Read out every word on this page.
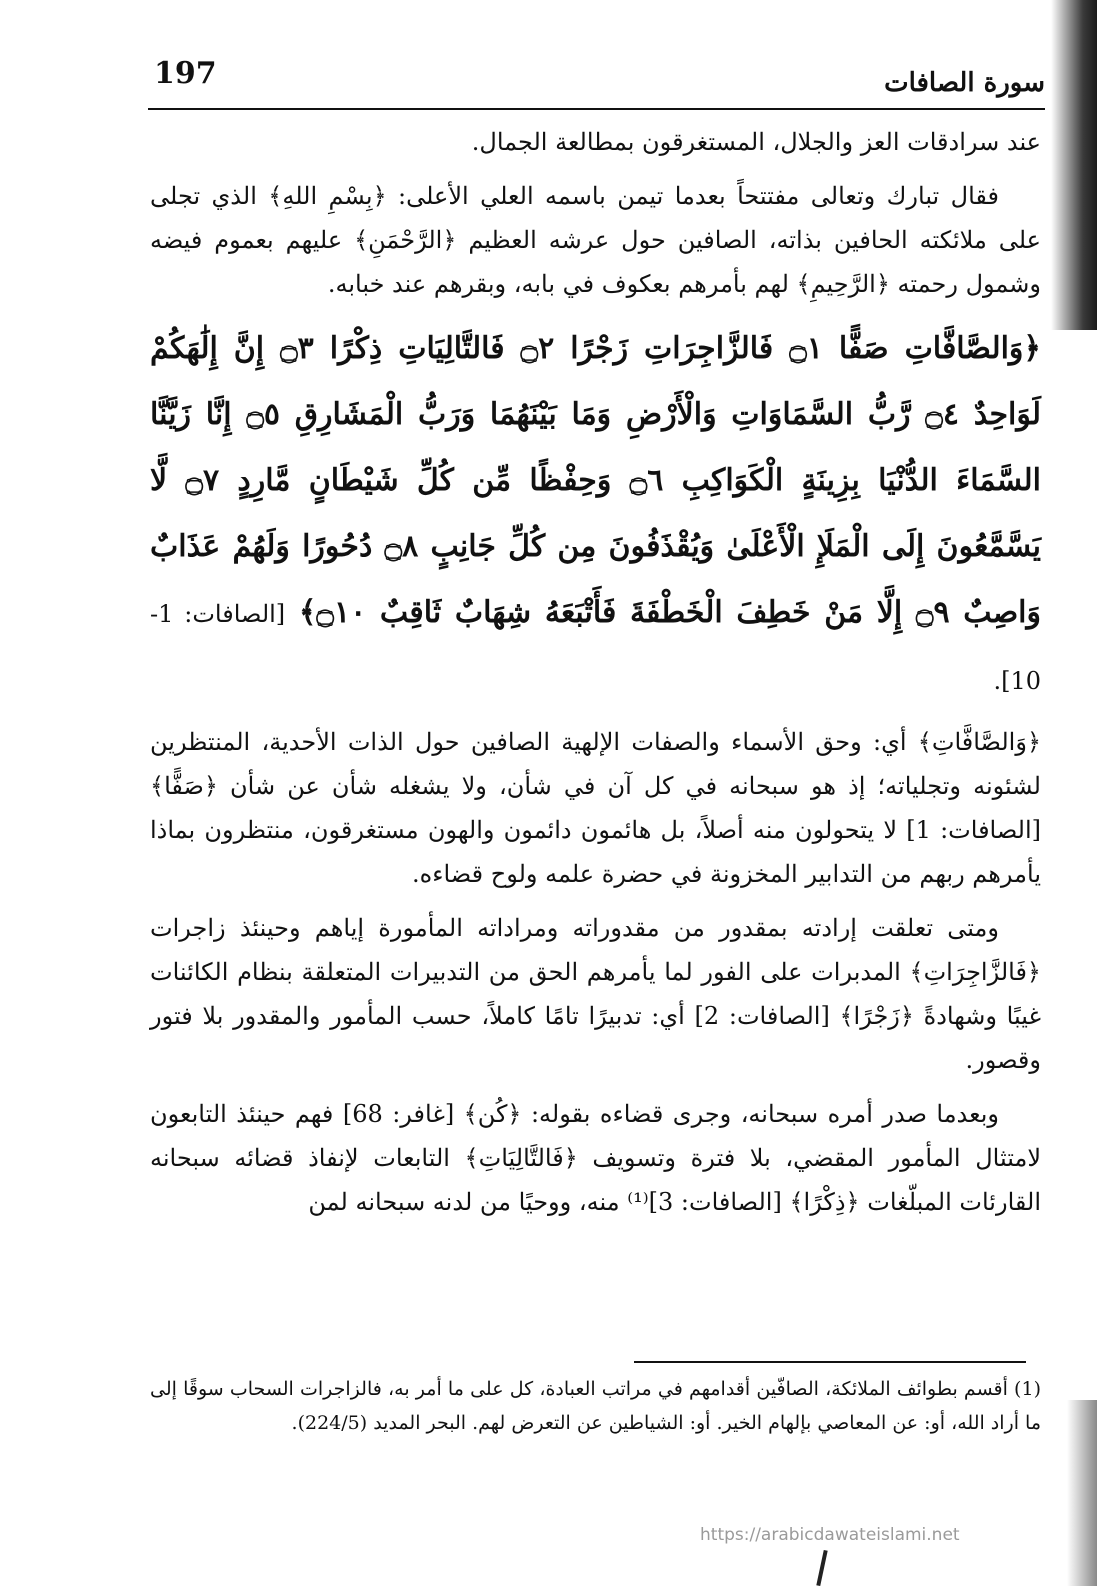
197	سورة الصافات

عند سرادقات العز والجلال، المستغرقون بمطالعة الجمال.

فقال تبارك وتعالى مفتتحاً بعدما تيمن باسمه العلي الأعلى: ﴿بِسْمِ اللهِ﴾ الذي تجلى على ملائكته الحافين بذاته، الصافين حول عرشه العظيم ﴿الرَّحْمَنِ﴾ عليهم بعموم فيضه وشمول رحمته ﴿الرَّحِيمِ﴾ لهم بأمرهم بعكوف في بابه، وبقرهم عند خبابه.

﴿وَالصَّافَّاتِ صَفًّا ۝١ فَالزَّاجِرَاتِ زَجْرًا ۝٢ فَالتَّالِيَاتِ ذِكْرًا ۝٣ إِنَّ إِلَٰهَكُمْ لَوَاحِدٌ ۝٤ رَّبُّ السَّمَاوَاتِ وَالْأَرْضِ وَمَا بَيْنَهُمَا وَرَبُّ الْمَشَارِقِ ۝٥ إِنَّا زَيَّنَّا السَّمَاءَ الدُّنْيَا بِزِينَةٍ الْكَوَاكِبِ ۝٦ وَحِفْظًا مِّن كُلِّ شَيْطَانٍ مَّارِدٍ ۝٧ لَّا يَسَّمَّعُونَ إِلَى الْمَلَإِ الْأَعْلَىٰ وَيُقْذَفُونَ مِن كُلِّ جَانِبٍ ۝٨ دُحُورًا وَلَهُمْ عَذَابٌ وَاصِبٌ ۝٩ إِلَّا مَنْ خَطِفَ الْخَطْفَةَ فَأَتْبَعَهُ شِهَابٌ ثَاقِبٌ ۝١٠﴾ [الصافات: 1-10].

﴿وَالصَّافَّاتِ﴾ أي: وحق الأسماء والصفات الإلهية الصافين حول الذات الأحدية، المنتظرين لشئونه وتجلياته؛ إذ هو سبحانه في كل آن في شأن، ولا يشغله شأن عن شأن ﴿صَفًّا﴾ [الصافات: 1] لا يتحولون منه أصلاً، بل هائمون دائمون والهون مستغرقون، منتظرون بماذا يأمرهم ربهم من التدابير المخزونة في حضرة علمه ولوح قضاءه.

ومتى تعلقت إرادته بمقدور من مقدوراته ومراداته المأمورة إياهم وحينئذ زاجرات ﴿فَالزَّاجِرَاتِ﴾ المدبرات على الفور لما يأمرهم الحق من التدبيرات المتعلقة بنظام الكائنات غيبًا وشهادةً ﴿زَجْرًا﴾ [الصافات: 2] أي: تدبيرًا تامًا كاملاً، حسب المأمور والمقدور بلا فتور وقصور.

وبعدما صدر أمره سبحانه، وجرى قضاءه بقوله: ﴿كُن﴾ [غافر: 68] فهم حينئذ التابعون لامتثال المأمور المقضي، بلا فترة وتسويف ﴿فَالتَّالِيَاتِ﴾ التابعات لإنفاذ قضائه سبحانه القارئات المبلّغات ﴿ذِكْرًا﴾ [الصافات: 3]⁽¹⁾ منه، ووحيًا من لدنه سبحانه لمن

(1) أقسم بطوائف الملائكة، الصافّين أقدامهم في مراتب العبادة، كل على ما أمر به، فالزاجرات السحاب سوقًا إلى ما أراد الله، أو: عن المعاصي بإلهام الخير. أو: الشياطين عن التعرض لهم. البحر المديد (224/5).
https://arabicdawateislami.net
